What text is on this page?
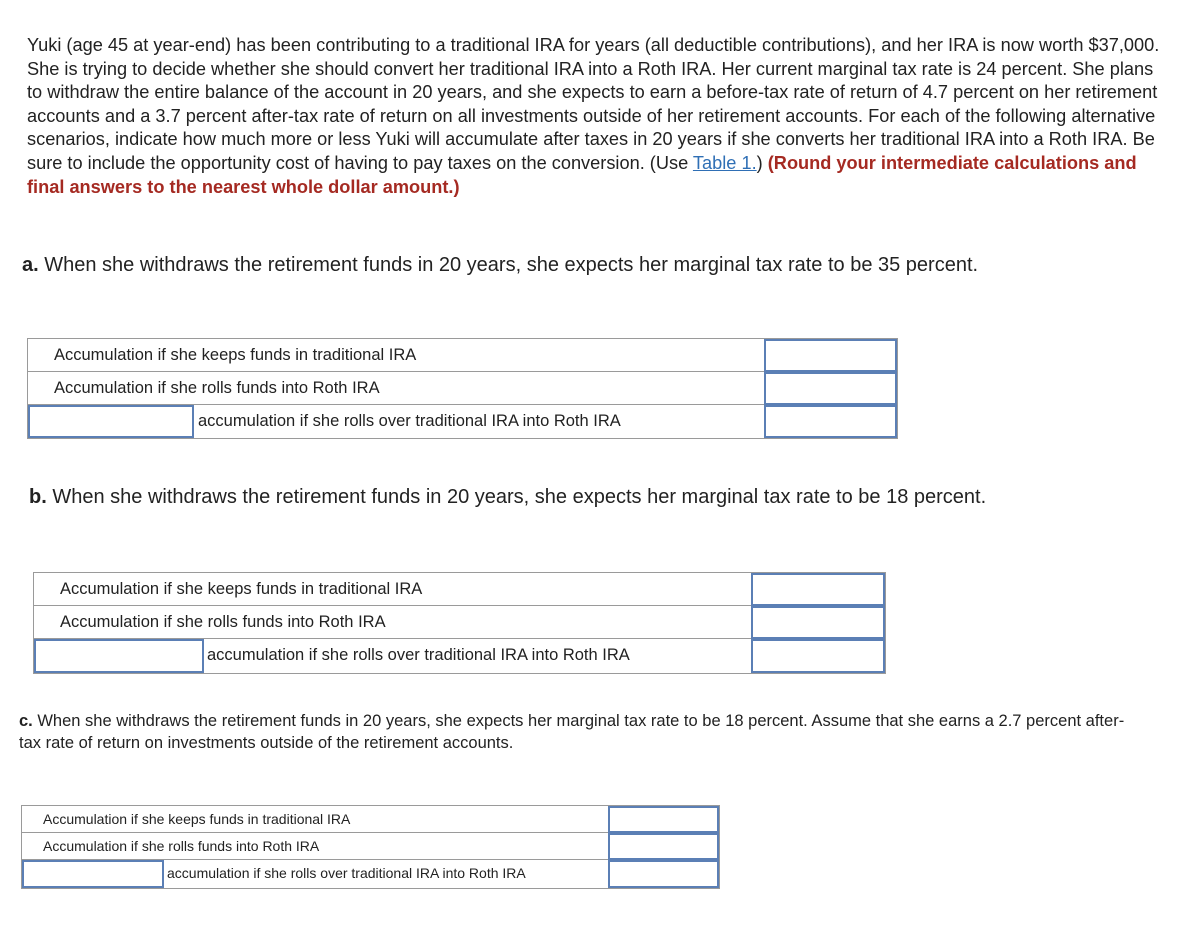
Yuki (age 45 at year-end) has been contributing to a traditional IRA for years (all deductible contributions), and her IRA is now worth $37,000. She is trying to decide whether she should convert her traditional IRA into a Roth IRA. Her current marginal tax rate is 24 percent. She plans to withdraw the entire balance of the account in 20 years, and she expects to earn a before-tax rate of return of 4.7 percent on her retirement accounts and a 3.7 percent after-tax rate of return on all investments outside of her retirement accounts. For each of the following alternative scenarios, indicate how much more or less Yuki will accumulate after taxes in 20 years if she converts her traditional IRA into a Roth IRA. Be sure to include the opportunity cost of having to pay taxes on the conversion. (Use Table 1.) (Round your intermediate calculations and final answers to the nearest whole dollar amount.)
a. When she withdraws the retirement funds in 20 years, she expects her marginal tax rate to be 35 percent.
Accumulation if she keeps funds in traditional IRA
Accumulation if she rolls funds into Roth IRA
accumulation if she rolls over traditional IRA into Roth IRA
b. When she withdraws the retirement funds in 20 years, she expects her marginal tax rate to be 18 percent.
Accumulation if she keeps funds in traditional IRA
Accumulation if she rolls funds into Roth IRA
accumulation if she rolls over traditional IRA into Roth IRA
c. When she withdraws the retirement funds in 20 years, she expects her marginal tax rate to be 18 percent. Assume that she earns a 2.7 percent after-tax rate of return on investments outside of the retirement accounts.
Accumulation if she keeps funds in traditional IRA
Accumulation if she rolls funds into Roth IRA
accumulation if she rolls over traditional IRA into Roth IRA
